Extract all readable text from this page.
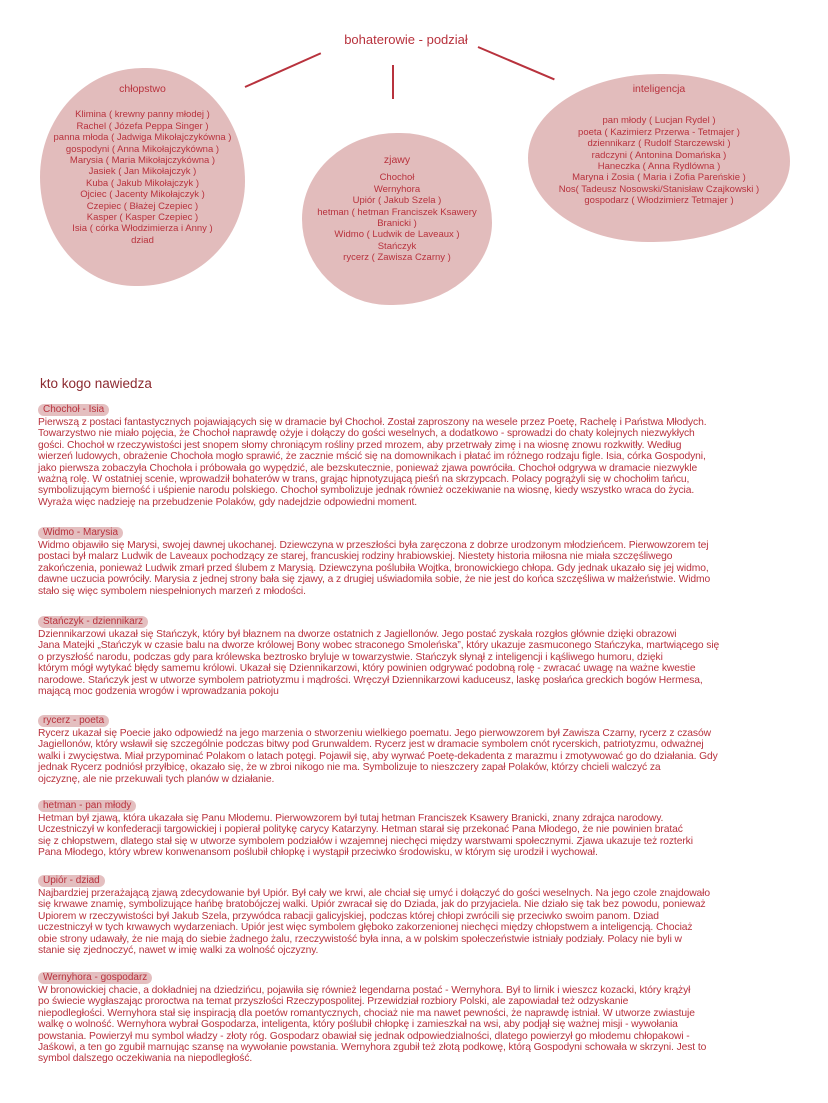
bohaterowie - podział
chłopstwo
Klimina ( krewny panny młodej )
Rachel ( Józefa Peppa Singer )
panna młoda ( Jadwiga Mikołajczykówna )
gospodyni ( Anna Mikołajczykówna )
Marysia ( Maria Mikołajczykówna )
Jasiek ( Jan Mikołajczyk )
Kuba ( Jakub Mikołajczyk )
Ojciec ( Jacenty Mikołajczyk )
Czepiec ( Błażej Czepiec )
Kasper ( Kasper Czepiec )
Isia ( córka Włodzimierza i Anny )
dziad
zjawy
Chochoł
Wernyhora
Upiór ( Jakub Szela )
hetman ( hetman Franciszek Ksawery
Branicki )
Widmo ( Ludwik de Laveaux )
Stańczyk
rycerz ( Zawisza Czarny )
inteligencja
pan młody ( Lucjan Rydel )
poeta ( Kazimierz Przerwa - Tetmajer )
dziennikarz ( Rudolf Starczewski )
radczyni ( Antonina Domańska )
Haneczka ( Anna Rydlówna )
Maryna i Zosia ( Maria i Zofia Pareńskie )
Nos( Tadeusz Nosowski/Stanisław Czajkowski )
gospodarz ( Włodzimierz Tetmajer )
kto kogo nawiedza
Chochoł - Isia
Pierwszą z postaci fantastycznych pojawiających się w dramacie był Chochoł. Został zaproszony na wesele przez Poetę, Rachelę i Państwa Młodych.
Towarzystwo nie miało pojęcia, że Chochoł naprawdę ożyje i dołączy do gości weselnych, a dodatkowo - sprowadzi do chaty kolejnych niezwykłych
gości. Chochoł w rzeczywistości jest snopem słomy chroniącym rośliny przed mrozem, aby przetrwały zimę i na wiosnę znowu rozkwitły. Według
wierzeń ludowych, obrażenie Chochoła mogło sprawić, że zacznie mścić się na domownikach i płatać im różnego rodzaju figle. Isia, córka Gospodyni,
jako pierwsza zobaczyła Chochoła i próbowała go wypędzić, ale bezskutecznie, ponieważ zjawa powróciła. Chochoł odgrywa w dramacie niezwykle
ważną rolę. W ostatniej scenie, wprowadził bohaterów w trans, grając hipnotyzującą pieśń na skrzypcach. Polacy pogrążyli się w chochołim tańcu,
symbolizującym bierność i uśpienie narodu polskiego. Chochoł symbolizuje jednak również oczekiwanie na wiosnę, kiedy wszystko wraca do życia.
Wyraża więc nadzieję na przebudzenie Polaków, gdy nadejdzie odpowiedni moment.
Widmo - Marysia
Widmo objawiło się Marysi, swojej dawnej ukochanej. Dziewczyna w przeszłości była zaręczona z dobrze urodzonym młodzieńcem. Pierwowzorem tej
postaci był malarz Ludwik de Laveaux pochodzący ze starej, francuskiej rodziny hrabiowskiej. Niestety historia miłosna nie miała szczęśliwego
zakończenia, ponieważ Ludwik zmarł przed ślubem z Marysią. Dziewczyna poślubiła Wojtka, bronowickiego chłopa. Gdy jednak ukazało się jej widmo,
dawne uczucia powróciły. Marysia z jednej strony bała się zjawy, a z drugiej uświadomiła sobie, że nie jest do końca szczęśliwa w małżeństwie. Widmo
stało się więc symbolem niespełnionych marzeń z młodości.
Stańczyk - dziennikarz
Dziennikarzowi ukazał się Stańczyk, który był błaznem na dworze ostatnich z Jagiellonów. Jego postać zyskała rozgłos głównie dzięki obrazowi
Jana Matejki „Stańczyk w czasie balu na dworze królowej Bony wobec straconego Smoleńska”, który ukazuje zasmuconego Stańczyka, martwiącego się
o przyszłość narodu, podczas gdy para królewska beztrosko bryluje w towarzystwie. Stańczyk słynął z inteligencji i kąśliwego humoru, dzięki
którym mógł wytykać błędy samemu królowi. Ukazał się Dziennikarzowi, który powinien odgrywać podobną rolę - zwracać uwagę na ważne kwestie
narodowe. Stańczyk jest w utworze symbolem patriotyzmu i mądrości. Wręczył Dziennikarzowi kaduceusz, laskę posłańca greckich bogów Hermesa,
mającą moc godzenia wrogów i wprowadzania pokoju
rycerz - poeta
Rycerz ukazał się Poecie jako odpowiedź na jego marzenia o stworzeniu wielkiego poematu. Jego pierwowzorem był Zawisza Czarny, rycerz z czasów
Jagiellonów, który wsławił się szczególnie podczas bitwy pod Grunwaldem. Rycerz jest w dramacie symbolem cnót rycerskich, patriotyzmu, odważnej
walki i zwycięstwa. Miał przypominać Polakom o latach potęgi. Pojawił się, aby wyrwać Poetę-dekadenta z marazmu i zmotywować go do działania. Gdy
jednak Rycerz podniósł przyłbicę, okazało się, że w zbroi nikogo nie ma. Symbolizuje to nieszczery zapał Polaków, którzy chcieli walczyć za
ojczyznę, ale nie przekuwali tych planów w działanie.
hetman - pan młody
Hetman był zjawą, która ukazała się Panu Młodemu. Pierwowzorem był tutaj hetman Franciszek Ksawery Branicki, znany zdrajca narodowy.
Uczestniczył w konfederacji targowickiej i popierał politykę carycy Katarzyny. Hetman starał się przekonać Pana Młodego, że nie powinien bratać
się z chłopstwem, dlatego stał się w utworze symbolem podziałów i wzajemnej niechęci między warstwami społecznymi. Zjawa ukazuje też rozterki
Pana Młodego, który wbrew konwenansom poślubił chłopkę i wystąpił przeciwko środowisku, w którym się urodził i wychował.
Upiór - dziad
Najbardziej przerażającą zjawą zdecydowanie był Upiór. Był cały we krwi, ale chciał się umyć i dołączyć do gości weselnych. Na jego czole znajdowało
się krwawe znamię, symbolizujące hańbę bratobójczej walki. Upiór zwracał się do Dziada, jak do przyjaciela. Nie działo się tak bez powodu, ponieważ
Upiorem w rzeczywistości był Jakub Szela, przywódca rabacji galicyjskiej, podczas której chłopi zwrócili się przeciwko swoim panom. Dziad
uczestniczył w tych krwawych wydarzeniach. Upiór jest więc symbolem głęboko zakorzenionej niechęci między chłopstwem a inteligencją. Chociaż
obie strony udawały, że nie mają do siebie żadnego żalu, rzeczywistość była inna, a w polskim społeczeństwie istniały podziały. Polacy nie byli w
stanie się zjednoczyć, nawet w imię walki za wolność ojczyzny.
Wernyhora - gospodarz
W bronowickiej chacie, a dokładniej na dziedzińcu, pojawiła się również legendarna postać - Wernyhora. Był to lirnik i wieszcz kozacki, który krążył
po świecie wygłaszając proroctwa na temat przyszłości Rzeczypospolitej. Przewidział rozbiory Polski, ale zapowiadał też odzyskanie
niepodległości. Wernyhora stał się inspiracją dla poetów romantycznych, chociaż nie ma nawet pewności, że naprawdę istniał. W utworze zwiastuje
walkę o wolność. Wernyhora wybrał Gospodarza, inteligenta, który poślubił chłopkę i zamieszkał na wsi, aby podjął się ważnej misji - wywołania
powstania. Powierzył mu symbol władzy - złoty róg. Gospodarz obawiał się jednak odpowiedzialności, dlatego powierzył go młodemu chłopakowi -
Jaśkowi, a ten go zgubił marnując szansę na wywołanie powstania. Wernyhora zgubił też złotą podkowę, którą Gospodyni schowała w skrzyni. Jest to
symbol dalszego oczekiwania na niepodległość.
